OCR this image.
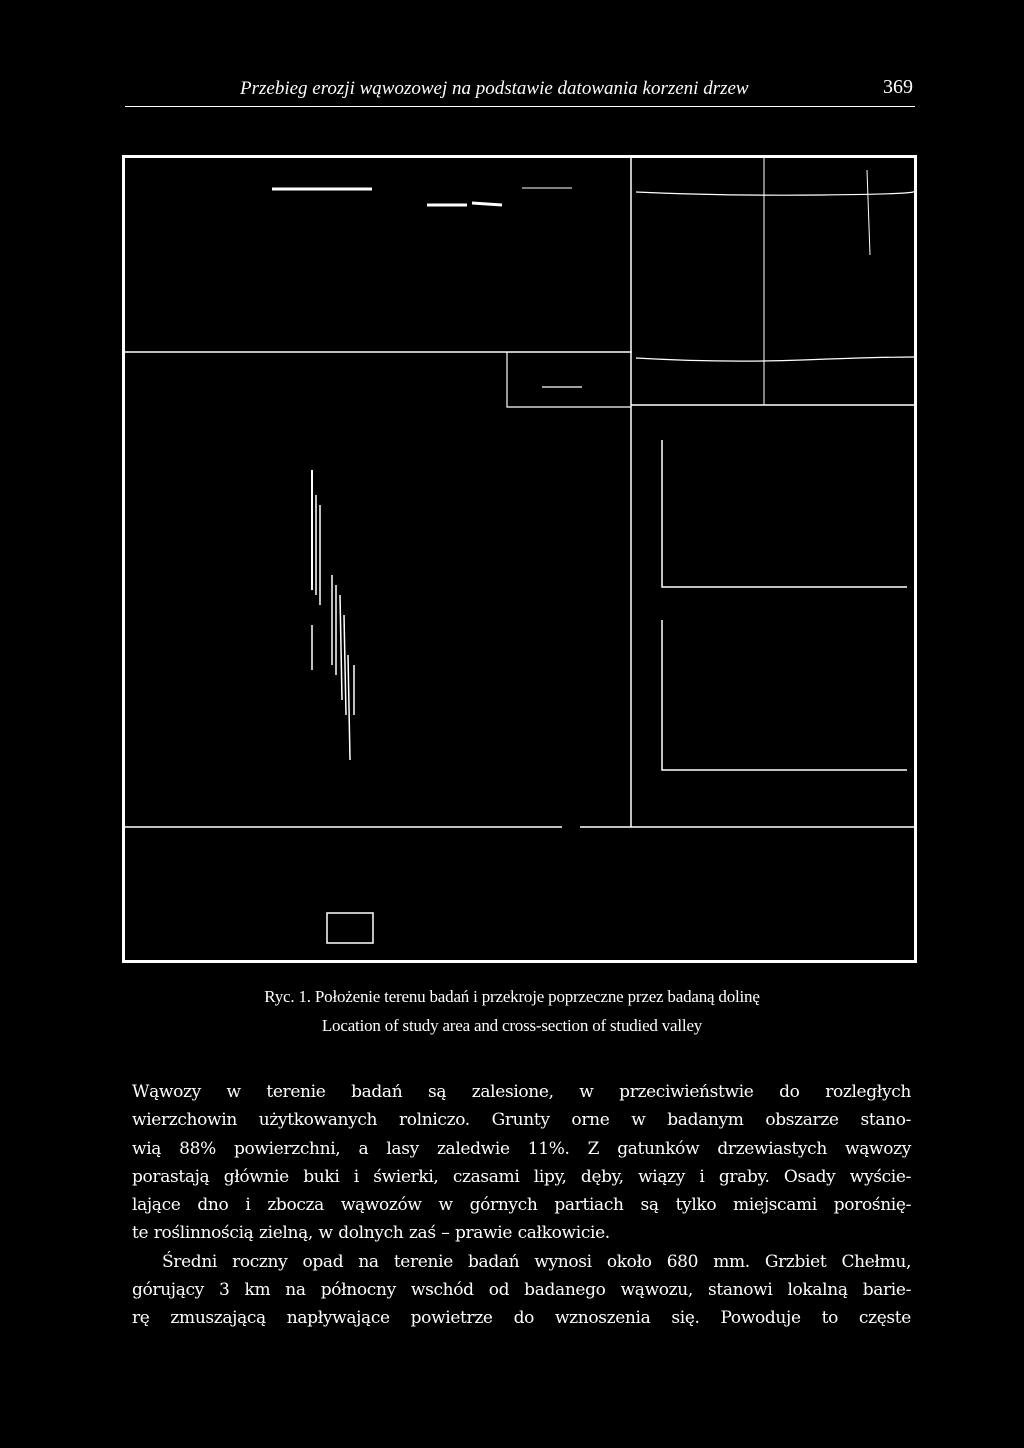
Przebieg erozji wąwozowej na podstawie datowania korzeni drzew	369
Ryc. 1. Położenie terenu badań i przekroje poprzeczne przez badaną dolinę
Location of study area and cross-section of studied valley
Wąwozy w terenie badań są zalesione, w przeciwieństwie do rozległych
wierzchowin użytkowanych rolniczo. Grunty orne w badanym obszarze stano-
wią 88% powierzchni, a lasy zaledwie 11%. Z gatunków drzewiastych wąwozy
porastają głównie buki i świerki, czasami lipy, dęby, wiązy i graby. Osady wyście-
lające dno i zbocza wąwozów w górnych partiach są tylko miejscami porośnię-
te roślinnością zielną, w dolnych zaś – prawie całkowicie.
Średni roczny opad na terenie badań wynosi około 680 mm. Grzbiet Chełmu,
górujący 3 km na północny wschód od badanego wąwozu, stanowi lokalną barie-
rę zmuszającą napływające powietrze do wznoszenia się. Powoduje to częste
